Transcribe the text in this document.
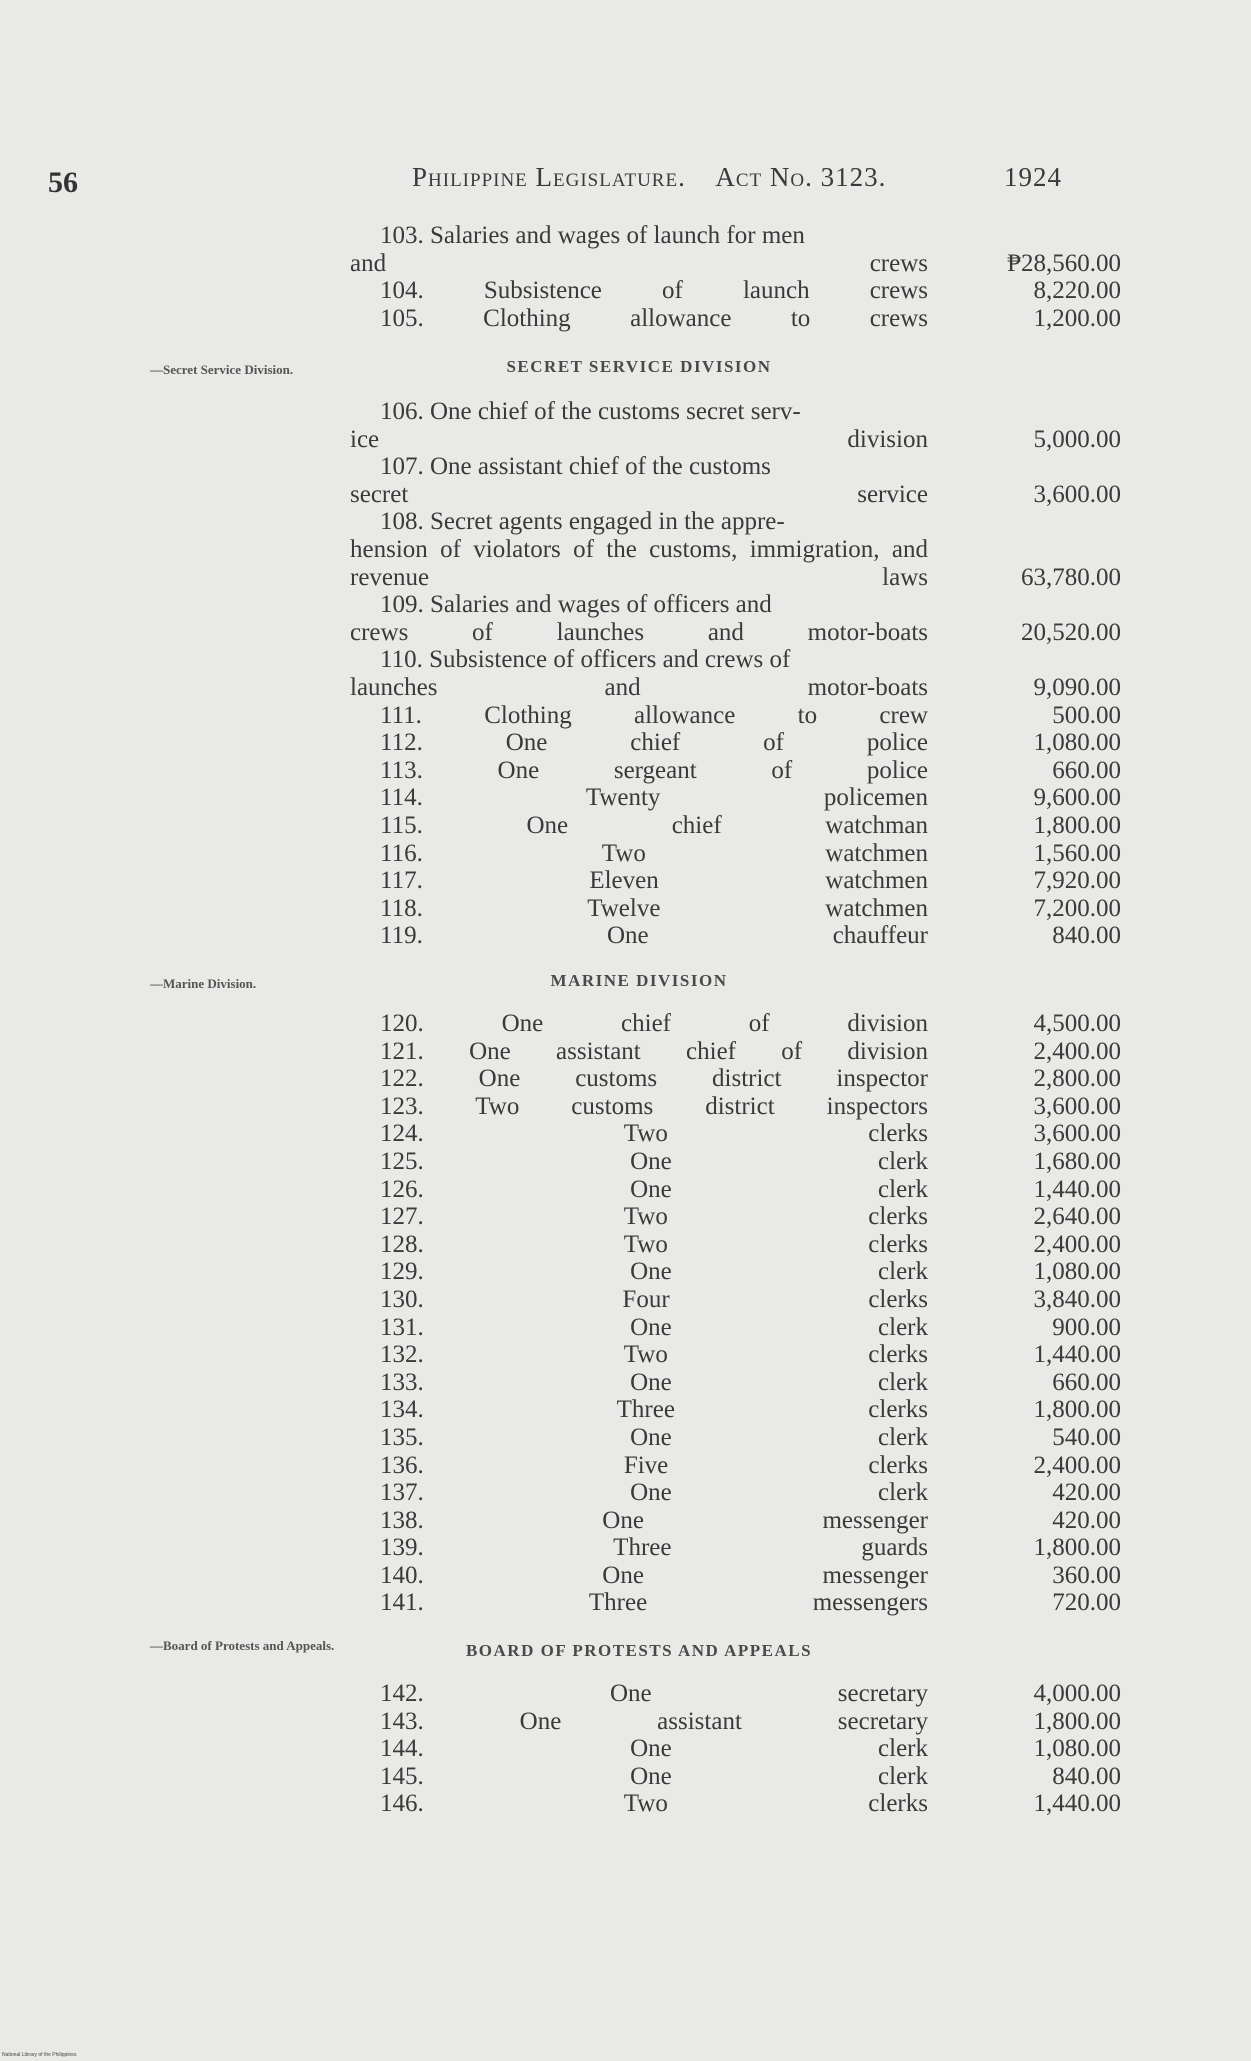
56	Philippine Legislature. Act No. 3123.	1924
103. Salaries and wages of launch for men
and crews	₱28,560.00
104. Subsistence of launch crews	8,220.00
105. Clothing allowance to crews	1,200.00
—Secret Service Division.	SECRET SERVICE DIVISION
106. One chief of the customs secret serv-
ice division	5,000.00
107. One assistant chief of the customs
secret service	3,600.00
108. Secret agents engaged in the appre-
hension of violators of the customs, immigration, and revenue laws	63,780.00
109. Salaries and wages of officers and
crews of launches and motor-boats	20,520.00
110. Subsistence of officers and crews of
launches and motor-boats	9,090.00
111. Clothing allowance to crew	500.00
112. One chief of police	1,080.00
113. One sergeant of police	660.00
114. Twenty policemen	9,600.00
115. One chief watchman	1,800.00
116. Two watchmen	1,560.00
117. Eleven watchmen	7,920.00
118. Twelve watchmen	7,200.00
119. One chauffeur	840.00
—Marine Division.	MARINE DIVISION
120. One chief of division	4,500.00
121. One assistant chief of division	2,400.00
122. One customs district inspector	2,800.00
123. Two customs district inspectors	3,600.00
124. Two clerks	3,600.00
125. One clerk	1,680.00
126. One clerk	1,440.00
127. Two clerks	2,640.00
128. Two clerks	2,400.00
129. One clerk	1,080.00
130. Four clerks	3,840.00
131. One clerk	900.00
132. Two clerks	1,440.00
133. One clerk	660.00
134. Three clerks	1,800.00
135. One clerk	540.00
136. Five clerks	2,400.00
137. One clerk	420.00
138. One messenger	420.00
139. Three guards	1,800.00
140. One messenger	360.00
141. Three messengers	720.00
—Board of Protests and Appeals.	BOARD OF PROTESTS AND APPEALS
142. One secretary	4,000.00
143. One assistant secretary	1,800.00
144. One clerk	1,080.00
145. One clerk	840.00
146. Two clerks	1,440.00
National Library of the Philippines
